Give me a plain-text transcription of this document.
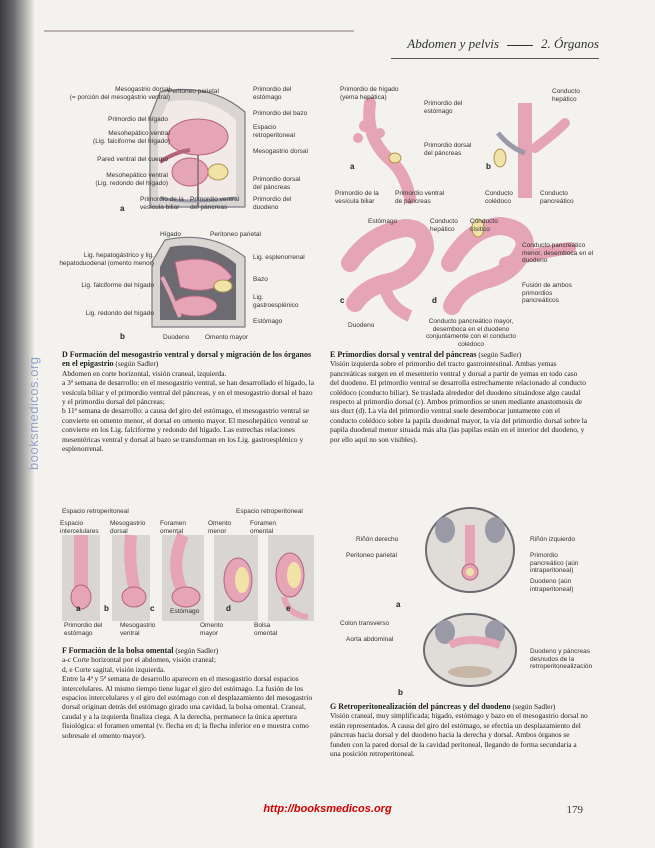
booksmedicos.org
Abdomen y pelvis	2. Órganos
Mesogastrio dorsal
(= porción del mesogástrio ventral)
Primordio del hígado
Mesohepático ventral
(Lig. falciforme del hígado)
Pared ventral del cuerpo
Mesohepático ventral
(Lig. redondo del hígado)
Peritoneo parietal	Primordio del estómago
Primordio del bazo
Espacio retroperitoneal
Mesogastrio dorsal
Primordio dorsal del páncreas
Primordio del duodeno
Primordio de la vesícula biliar
Primordio ventral del páncreas
a
Hígado	Peritoneo parietal
Lig. hepatogástrico y lig. hepatoduodenal (omento menor)
Lig. falciforme del hígado
Lig. redondo del hígado
Lig. esplenorrenal
Bazo
Lig. gastroesplénico
Estómago
Duodeno Omento mayor
b

D Formación del mesogastrio ventral y dorsal y migración de los órganos en el epigastrio (según Sadler)

Abdomen en corte horizontal, visión craneal, izquierda.

a 3ª semana de desarrollo: en el mesogastrio ventral, se han desarrollado el hígado, la vesícula biliar y el primordio ventral del páncreas, y en el mesogastrio dorsal el bazo y el primordio dorsal del páncreas;

b 11ª semana de desarrollo: a causa del giro del estómago, el mesogastrio ventral se convierte en omento menor, el dorsal en omento mayor. El mesohepático ventral se convierte en los Lig. falciforme y redondo del hígado. Las estrechas relaciones mesentéricas ventral y dorsal al bazo se transforman en los Lig. gastroesplénico y esplenorrenal.

Primordio de hígado (yema hepática)
Primordio del estómago
Primordio dorsal del páncreas
Primordio de la vesícula biliar
Primordio ventral de páncreas
Conducto hepático
Conducto colédoco
Conducto pancreático
Estómago	Conducto hepático
Conducto císitico
Conducto pancreático menor, desemboca en el duodeno
Fusión de ambos primordios pancreáticos
Duodeno
Conducto pancreático mayor, desemboca en el duodeno conjuntamente con el conducto colédoco
a	b
c	d

E Primordios dorsal y ventral del páncreas (según Sadler)

Visión izquierda sobre el primordio del tracto gastrointestinal. Ambas yemas pancreáticas surgen en el mesenterio ventral y dorsal a partir de yemas en todo caso del duodeno. El primordio ventral se desarrolla estrechamente relacionado al conducto colédoco (conducto biliar). Se traslada alrededor del duodeno situándose algo caudal respecto al primordio dorsal (c). Ambos primordios se unen mediante anastomosis de sus duct (d). La vía del primordio ventral suele desembocar juntamente con el conducto colédoco sobre la papila duodenal mayor, la vía del primordio dorsal sobre la papila duodenal menor situada más alta (las papilas están en el interior del duodeno, y por ello aquí no son visibles).

Espacio retroperitoneal	Espacio retroperitoneal
Espacio intercelulares
Mesogastrio dorsal
Foramen omental
Omento menor
Foramen omental
Estómago
Primordio del estómago
Mesogastrio ventral
Omento mayor
Bolsa omental
a	b	c	d	e

F Formación de la bolsa omental (según Sadler)

a-c Corte horizontal por el abdomen, visión craneal;

d, e Corte sagital, visión izquierda.

Entre la 4ª y 5ª semana de desarrollo aparecen en el mesogastrio dorsal espacios intercelulares. Al mismo tiempo tiene lugar el giro del estómago. La fusión de los espacios intercelulares y el giro del estómago con el desplazamiento del mesogastrio dorsal originan detrás del estómago girado una cavidad, la bolsa omental. Craneal, caudal y a la izquierda finaliza ciega. A la derecha, permanece la única apertura fisiológica: el foramen omental (v. flecha en d; la flecha inferior en e muestra como sobresale el omento mayor).

Riñón derecho
Peritoneo parietal
Riñón izquierdo
Primordio pancreático (aún intraperitoneal)
Duodeno (aún intraperitoneal)
Colon transverso
Aorta abdominal
Duodeno y páncreas desnudos de la retroperitonealización
a
b

G Retroperitonealización del páncreas y del duodeno (según Sadler)

Visión craneal, muy simplificada; hígado, estómago y bazo en el mesogastrio dorsal no están representados. A causa del giro del estómago, se efectúa un desplazamiento del páncreas hacia dorsal y del duodeno hacia la derecha y dorsal. Ambos órganos se funden con la pared dorsal de la cavidad peritoneal, llegando de forma secundaria a una posición retroperitoneal.

http://booksmedicos.org	179
